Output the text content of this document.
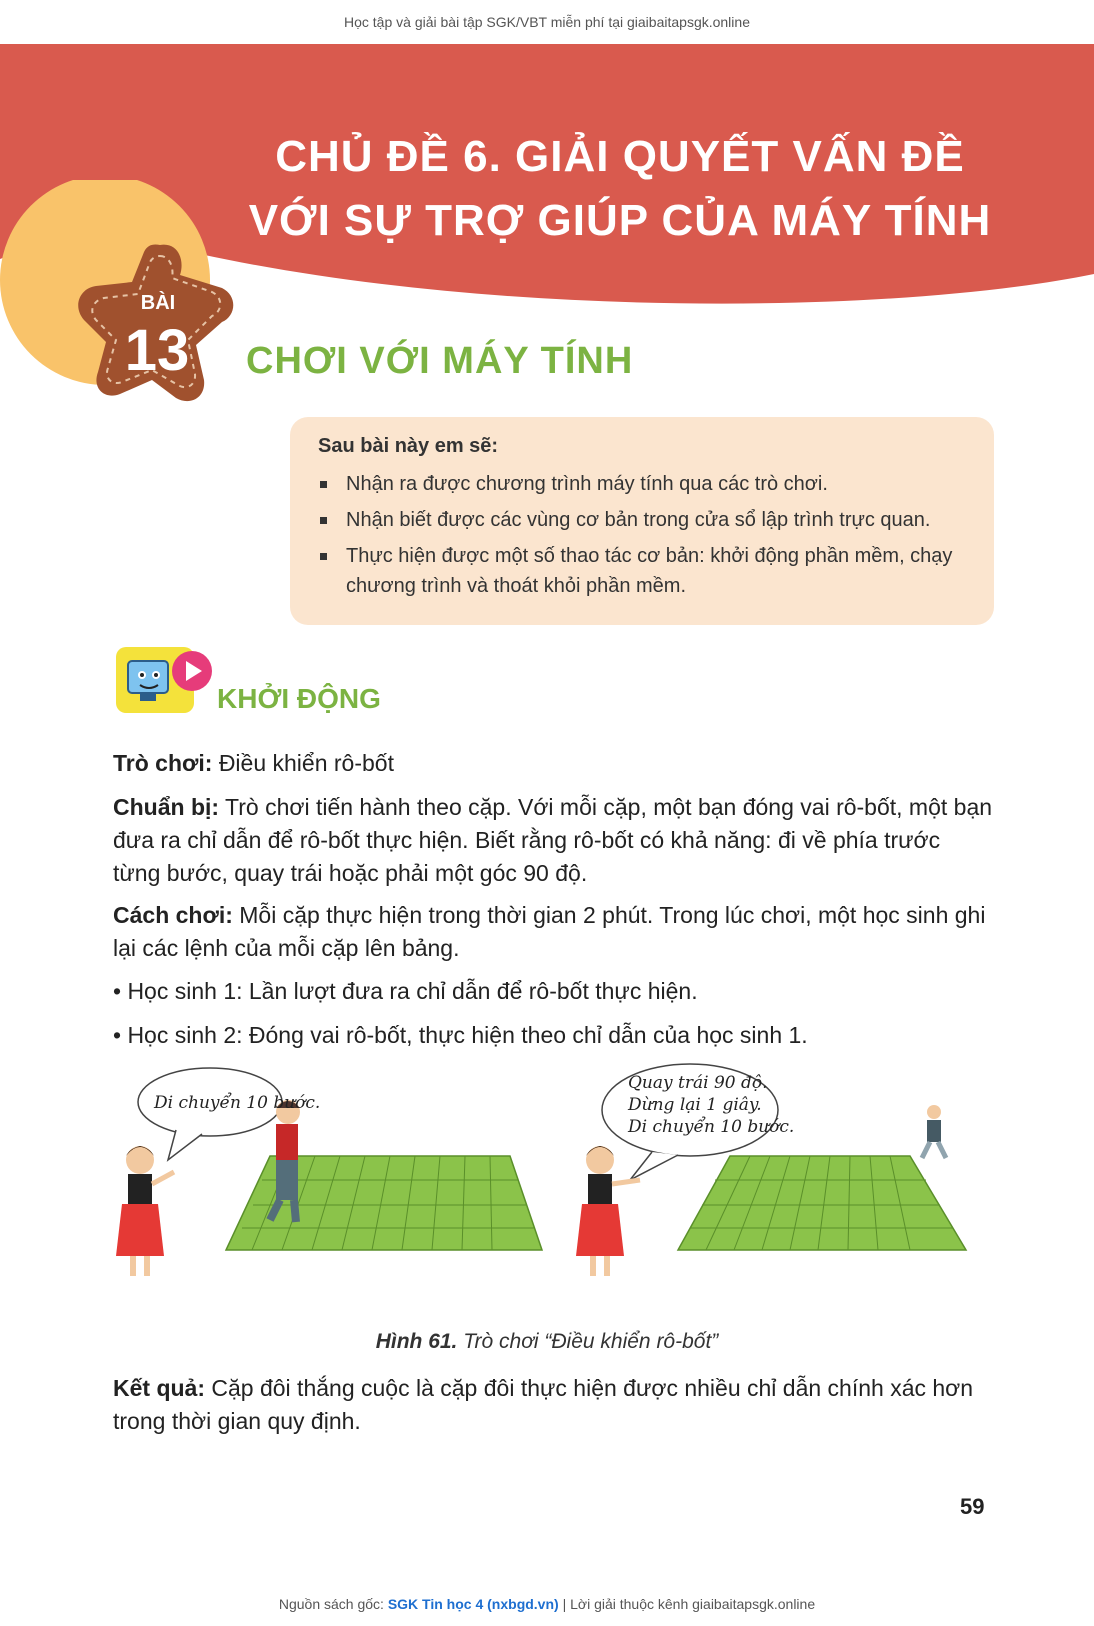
Học tập và giải bài tập SGK/VBT miễn phí tại giaibaitapsgk.online
CHỦ ĐỀ 6. GIẢI QUYẾT VẤN ĐỀ
VỚI SỰ TRỢ GIÚP CỦA MÁY TÍNH
BÀI
13	CHƠI VỚI MÁY TÍNH
Sau bài này em sẽ:
Nhận ra được chương trình máy tính qua các trò chơi.
Nhận biết được các vùng cơ bản trong cửa sổ lập trình trực quan.
Thực hiện được một số thao tác cơ bản: khởi động phần mềm, chạy chương trình và thoát khỏi phần mềm.
KHỞI ĐỘNG
Trò chơi: Điều khiển rô-bốt
Chuẩn bị: Trò chơi tiến hành theo cặp. Với mỗi cặp, một bạn đóng vai rô-bốt, một bạn đưa ra chỉ dẫn để rô-bốt thực hiện. Biết rằng rô-bốt có khả năng: đi về phía trước từng bước, quay trái hoặc phải một góc 90 độ.
Cách chơi: Mỗi cặp thực hiện trong thời gian 2 phút. Trong lúc chơi, một học sinh ghi lại các lệnh của mỗi cặp lên bảng.
• Học sinh 1: Lần lượt đưa ra chỉ dẫn để rô-bốt thực hiện.
• Học sinh 2: Đóng vai rô-bốt, thực hiện theo chỉ dẫn của học sinh 1.
Di chuyển 10 bước.
Quay trái 90 độ.
Dừng lại 1 giây.
Di chuyển 10 bước.
Hình 61. Trò chơi “Điều khiển rô-bốt”
Kết quả: Cặp đôi thắng cuộc là cặp đôi thực hiện được nhiều chỉ dẫn chính xác hơn trong thời gian quy định.
59
Nguồn sách gốc: SGK Tin học 4 (nxbgd.vn) | Lời giải thuộc kênh giaibaitapsgk.online
